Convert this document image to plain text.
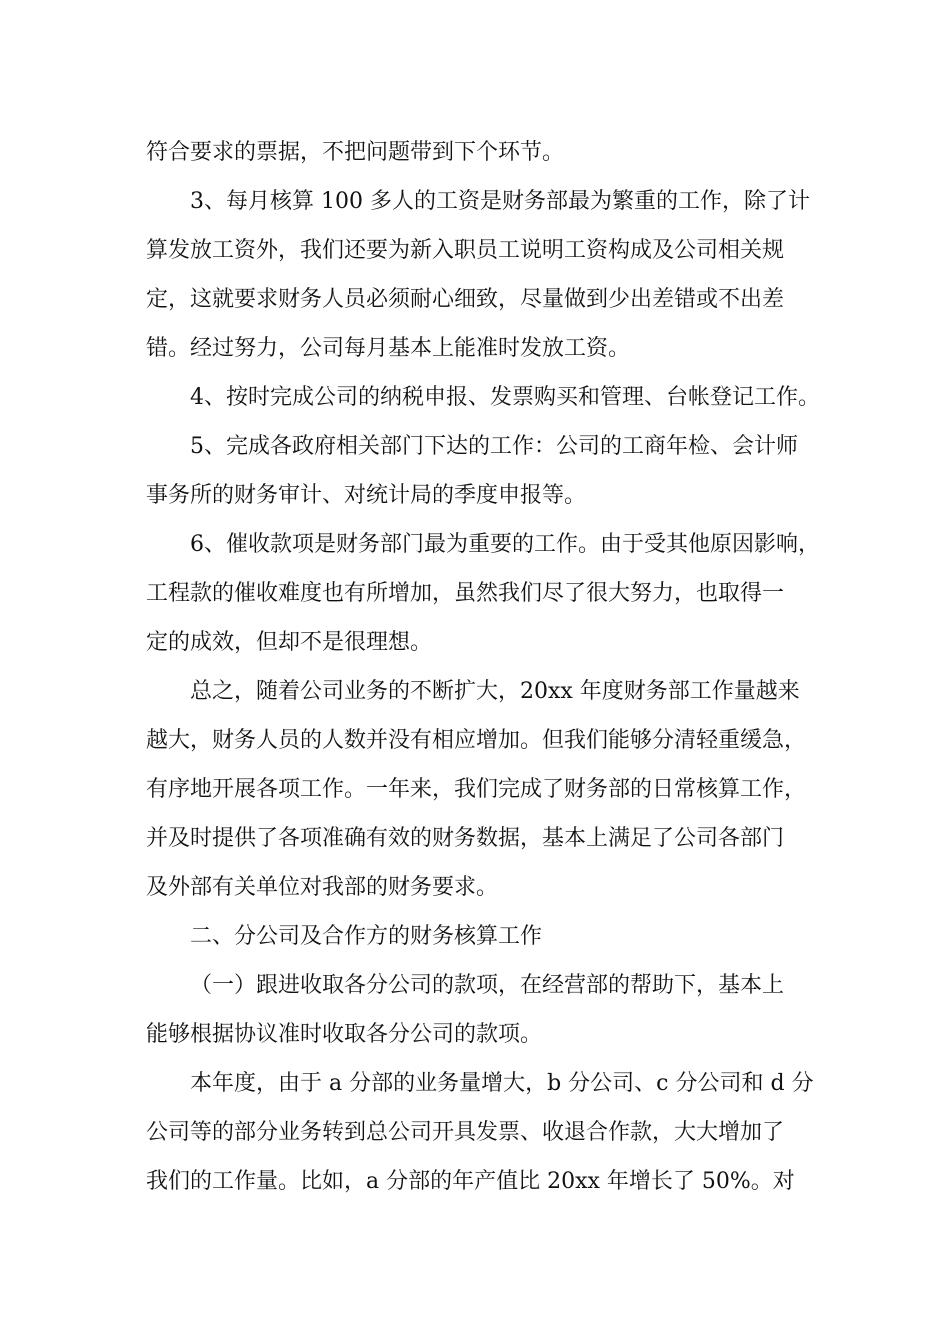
符合要求的票据，不把问题带到下个环节。
3、每月核算 100 多人的工资是财务部最为繁重的工作，除了计
算发放工资外，我们还要为新入职员工说明工资构成及公司相关规
定，这就要求财务人员必须耐心细致，尽量做到少出差错或不出差
错。经过努力，公司每月基本上能准时发放工资。
4、按时完成公司的纳税申报、发票购买和管理、台帐登记工作。
5、完成各政府相关部门下达的工作：公司的工商年检、会计师
事务所的财务审计、对统计局的季度申报等。
6、催收款项是财务部门最为重要的工作。由于受其他原因影响，
工程款的催收难度也有所增加，虽然我们尽了很大努力，也取得一
定的成效，但却不是很理想。
总之，随着公司业务的不断扩大，20xx 年度财务部工作量越来
越大，财务人员的人数并没有相应增加。但我们能够分清轻重缓急，
有序地开展各项工作。一年来，我们完成了财务部的日常核算工作，
并及时提供了各项准确有效的财务数据，基本上满足了公司各部门
及外部有关单位对我部的财务要求。
二、分公司及合作方的财务核算工作
（一）跟进收取各分公司的款项，在经营部的帮助下，基本上
能够根据协议准时收取各分公司的款项。
本年度，由于 a 分部的业务量增大，b 分公司、c 分公司和 d 分
公司等的部分业务转到总公司开具发票、收退合作款，大大增加了
我们的工作量。比如，a 分部的年产值比 20xx 年增长了 50%。对
